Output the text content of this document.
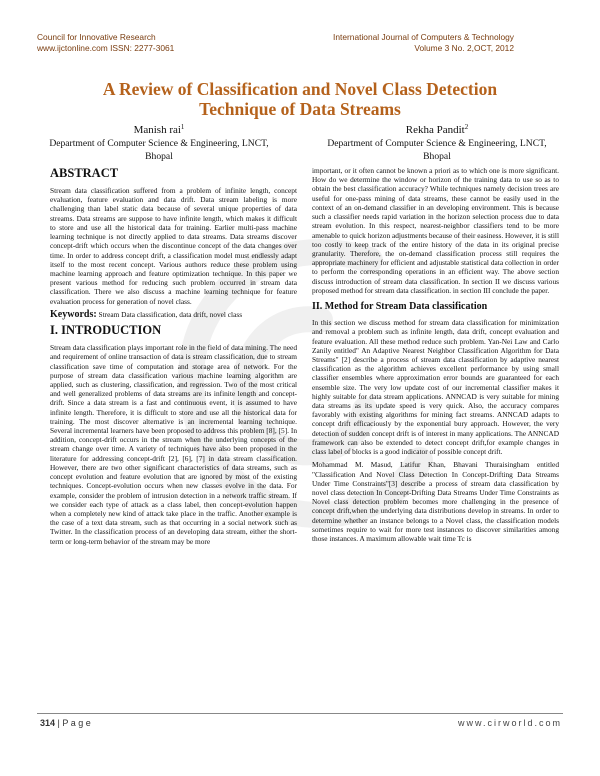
Council for Innovative Research
www.ijctonline.com ISSN: 2277-3061
International Journal of Computers & Technology
Volume 3 No. 2,OCT, 2012
A Review of Classification and Novel Class Detection
Technique of Data Streams
Manish rai$^1$
Department of Computer Science & Engineering, LNCT,
Bhopal
Rekha Pandit$^2$
Department of Computer Science & Engineering, LNCT,
Bhopal
ABSTRACT

Stream data classification suffered from a problem of infinite length, concept evaluation, feature evaluation and data drift. Data stream labeling is more challenging than label static data because of several unique properties of data streams. Data streams are suppose to have infinite length, which makes it difficult to store and use all the historical data for training. Earlier multi-pass machine learning technique is not directly applied to data streams. Data streams discover concept-drift which occurs when the discontinue concept of the data changes over time. In order to address concept drift, a classification model must endlessly adapt itself to the most recent concept. Various authors reduce these problem using machine learning approach and feature optimization technique. In this paper we present various method for reducing such problem occurred in stream data classification. There we also discuss a machine learning technique for feature evaluation process for generation of novel class.

Keywords: Stream Data classification, data drift, novel class

I. INTRODUCTION

Stream data classification plays important role in the field of data mining. The need and requirement of online transaction of data is stream classification, due to stream classification save time of computation and storage area of network. For the purpose of stream data classification various machine learning algorithm are applied, such as clustering, classification, and regression. Two of the most critical and well generalized problems of data streams are its infinite length and concept-drift. Since a data stream is a fast and continuous event, it is assumed to have infinite length. Therefore, it is difficult to store and use all the historical data for training. The most discover alternative is an incremental learning technique. Several incremental learners have been proposed to address this problem [8], [5]. In addition, concept-drift occurs in the stream when the underlying concepts of the stream change over time. A variety of techniques have also been proposed in the literature for addressing concept-drift [2], [6], [7] in data stream classification. However, there are two other significant characteristics of data streams, such as concept evolution and feature evolution that are ignored by most of the existing techniques. Concept-evolution occurs when new classes evolve in the data. For example, consider the problem of intrusion detection in a network traffic stream. If we consider each type of attack as a class label, then concept-evolution happen when a completely new kind of attack take place in the traffic. Another example is the case of a text data stream, such as that occurring in a social network such as Twitter. In the classification process of an developing data stream, either the short-term or long-term behavior of the stream may be more

important, or it often cannot be known a priori as to which one is more significant. How do we determine the window or horizon of the training data to use so as to obtain the best classification accuracy? While techniques namely decision trees are useful for one-pass mining of data streams, these cannot be easily used in the context of an on-demand classifier in an developing environment. This is because such a classifier needs rapid variation in the horizon selection process due to data stream evolution. In this respect, nearest-neighbor classifiers tend to be more amenable to quick horizon adjustments because of their easiness. However, it is still too costly to keep track of the entire history of the data in its original precise granularity. Therefore, the on-demand classification process still requires the appropriate machinery for efficient and adjustable statistical data collection in order to perform the corresponding operations in an efficient way. The above section discuss introduction of stream data classification. In section II we discuss various proposed method for stream data classification. in section III conclude the paper.

II. Method for Stream Data classification

In this section we discuss method for stream data classification for minimization and removal a problem such as infinite length, data drift, concept evaluation and feature evaluation. All these method reduce such problem. Yan-Nei Law and Carlo Zanily entitled" An Adaptive Nearest Neighbor Classification Algorithm for Data Streams" [2] describe a process of stream data classification by adaptive nearest classification as the algorithm achieves excellent performance by using small classifier ensembles where approximation error bounds are guaranteed for each ensemble size. The very low update cost of our incremental classifier makes it highly suitable for data stream applications. ANNCAD is very suitable for mining data streams as its update speed is very quick. Also, the accuracy compares favorably with existing algorithms for mining fact streams. ANNCAD adapts to concept drift efficaciously by the exponential bury approach. However, the very detection of sudden concept drift is of interest in many applications. The ANNCAD framework can also be extended to detect concept drift,for example changes in class label of blocks is a good indicator of possible concept drift.

Mohammad M. Masud, Latifur Khan, Bhavani Thuraisingham entitled "Classification And Novel Class Detection In Concept-Drifting Data Streams Under Time Constraints"[3] describe a process of stream data classification by novel class detection In Concept-Drifting Data Streams Under Time Constraints as Novel class detection problem becomes more challenging in the presence of concept drift,when the underlying data distributions develop in streams. In order to determine whether an instance belongs to a Novel class, the classification models sometimes require to wait for more test instances to discover similarities among those instances. A maximum allowable wait time Tc is

314 | P a g e	www.cirworld.com
